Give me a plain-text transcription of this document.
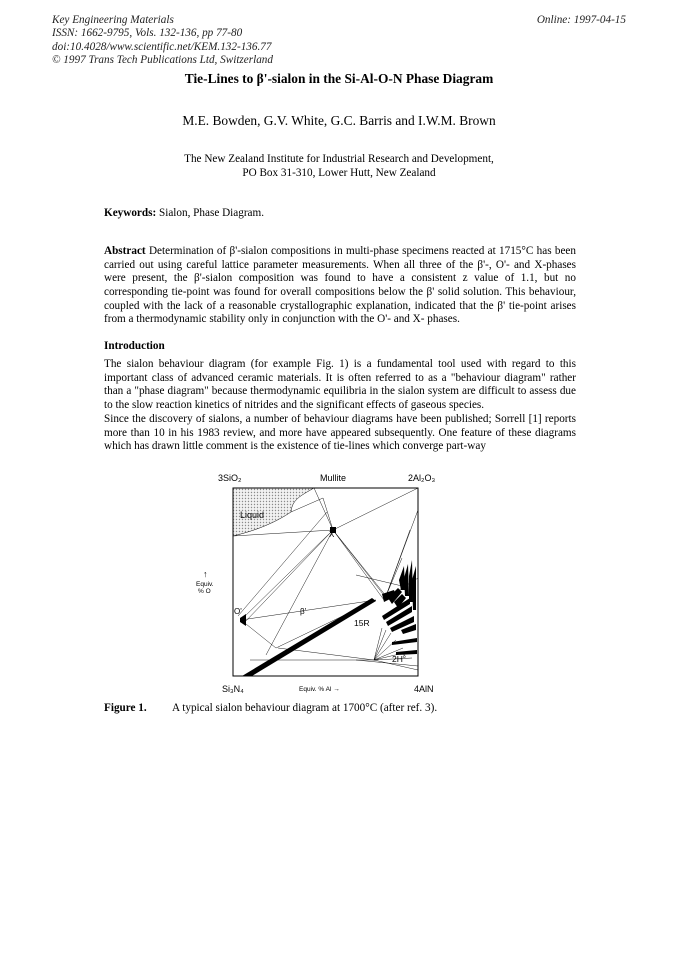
Key Engineering Materials
ISSN: 1662-9795, Vols. 132-136, pp 77-80
doi:10.4028/www.scientific.net/KEM.132-136.77
© 1997 Trans Tech Publications Ltd, Switzerland
Online: 1997-04-15
Tie-Lines to β'-sialon in the Si-Al-O-N Phase Diagram
M.E. Bowden, G.V. White, G.C. Barris and I.W.M. Brown
The New Zealand Institute for Industrial Research and Development,
PO Box 31-310, Lower Hutt, New Zealand
Keywords: Sialon, Phase Diagram.
Abstract Determination of β'-sialon compositions in multi-phase specimens reacted at 1715°C has been carried out using careful lattice parameter measurements. When all three of the β'-, O'- and X-phases were present, the β'-sialon composition was found to have a consistent z value of 1.1, but no corresponding tie-point was found for overall compositions below the β' solid solution. This behaviour, coupled with the lack of a reasonable crystallographic explanation, indicated that the β' tie-point arises from a thermodynamic stability only in conjunction with the O'- and X- phases.
Introduction
The sialon behaviour diagram (for example Fig. 1) is a fundamental tool used with regard to this important class of advanced ceramic materials. It is often referred to as a "behaviour diagram" rather than a "phase diagram" because thermodynamic equilibria in the sialon system are difficult to assess due to the slow reaction kinetics of nitrides and the significant effects of gaseous species.
Since the discovery of sialons, a number of behaviour diagrams have been published; Sorrell [1] reports more than 10 in his 1983 review, and more have appeared subsequently. One feature of these diagrams which has drawn little comment is the existence of tie-lines which converge part-way
3SiO₂	Mullite	2Al₂O₃
Si₃N₄	4AlN
Equiv. % Al →
↑
Equiv.
% O
Liquid
X
O'	β'
15R
$2H^\delta$
Figure 1. A typical sialon behaviour diagram at 1700°C (after ref. 3).
